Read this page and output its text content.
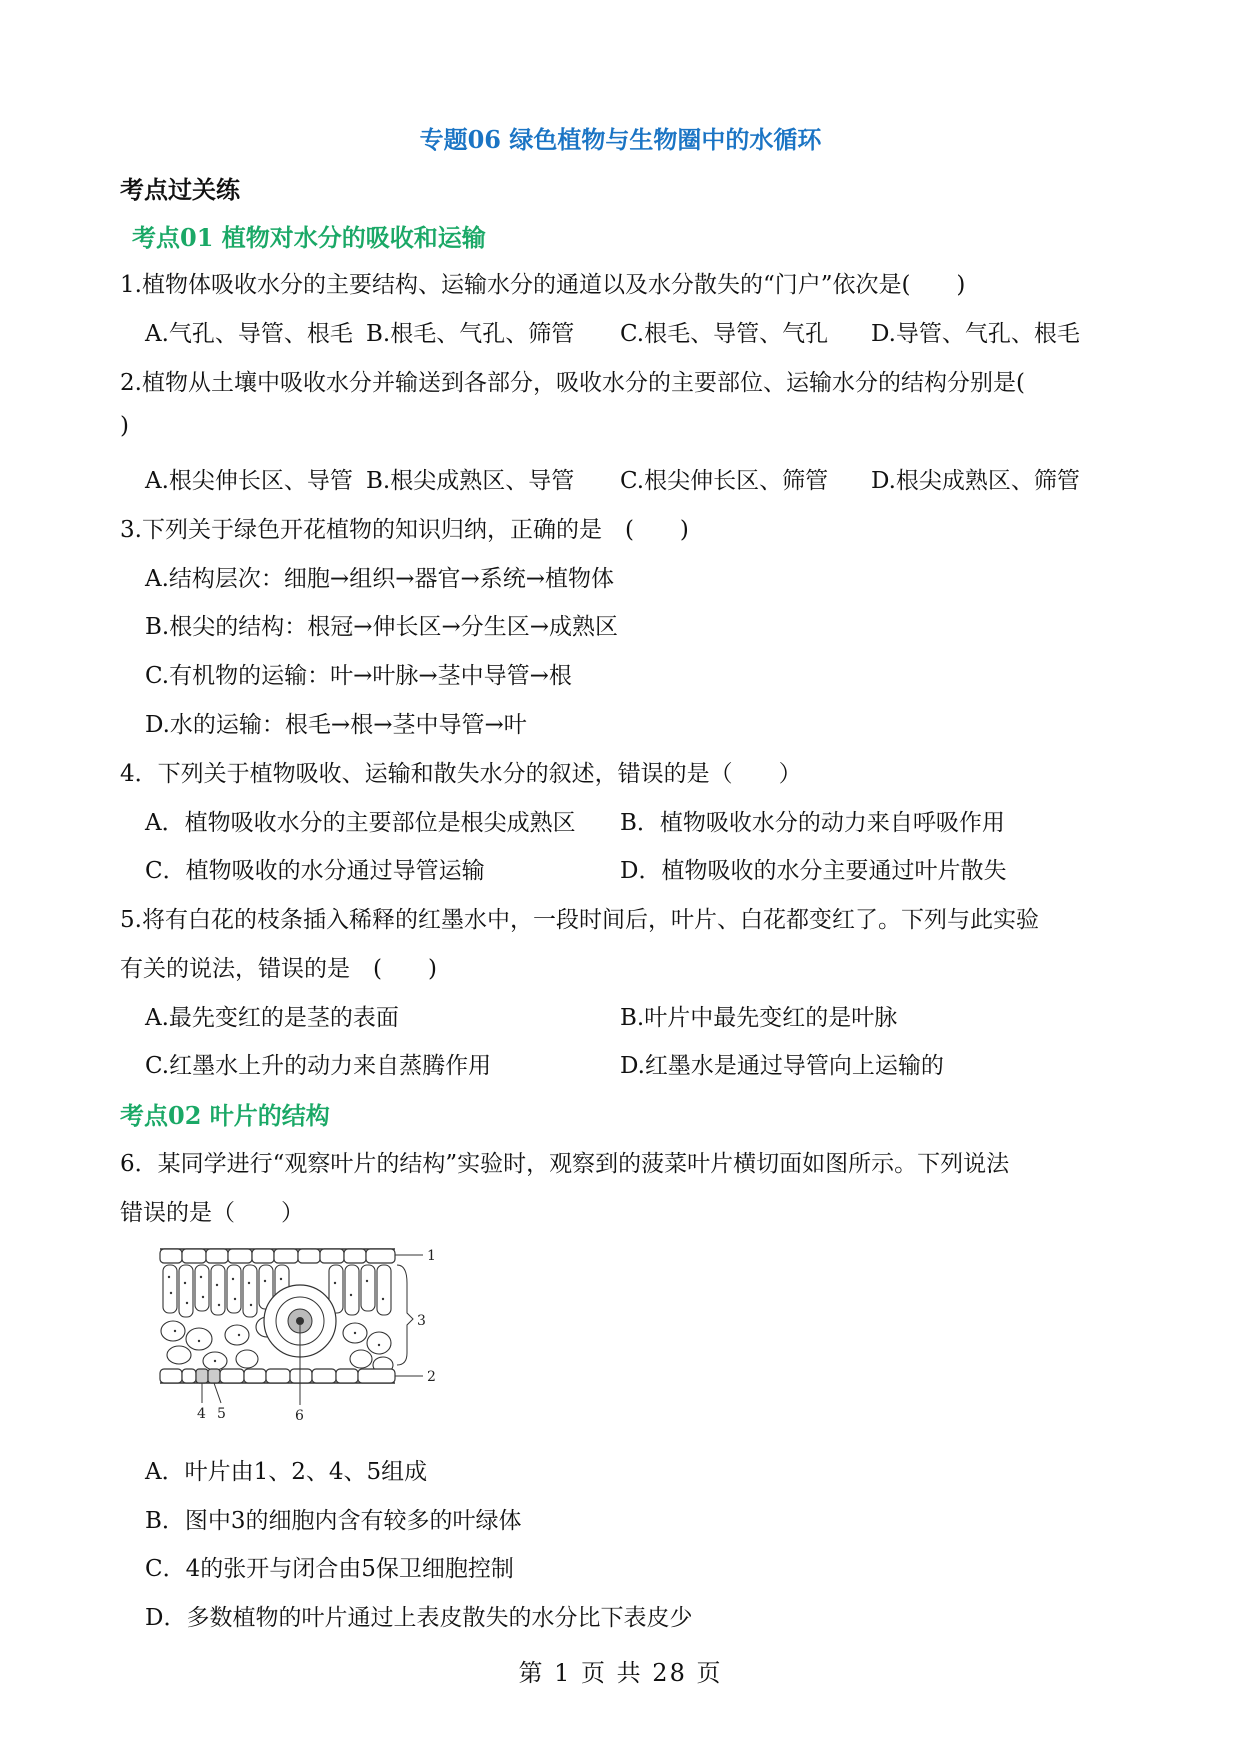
专题06 绿色植物与生物圈中的水循环
考点过关练
考点01 植物对水分的吸收和运输
1.植物体吸收水分的主要结构、运输水分的通道以及水分散失的“门户”依次是(　　)
A.气孔、导管、根毛 B.根毛、气孔、筛管 C.根毛、导管、气孔 D.导管、气孔、根毛
2.植物从土壤中吸收水分并输送到各部分，吸收水分的主要部位、运输水分的结构分别是(
)
A.根尖伸长区、导管 B.根尖成熟区、导管 C.根尖伸长区、筛管 D.根尖成熟区、筛管
3.下列关于绿色开花植物的知识归纳，正确的是　(　　)
A.结构层次：细胞→组织→器官→系统→植物体
B.根尖的结构：根冠→伸长区→分生区→成熟区
C.有机物的运输：叶→叶脉→茎中导管→根
D.水的运输：根毛→根→茎中导管→叶
4．下列关于植物吸收、运输和散失水分的叙述，错误的是（　　）
A．植物吸收水分的主要部位是根尖成熟区 B．植物吸收水分的动力来自呼吸作用
C．植物吸收的水分通过导管运输	D．植物吸收的水分主要通过叶片散失
5.将有白花的枝条插入稀释的红墨水中，一段时间后，叶片、白花都变红了。下列与此实验
有关的说法，错误的是　(　　)
A.最先变红的是茎的表面	B.叶片中最先变红的是叶脉
C.红墨水上升的动力来自蒸腾作用	D.红墨水是通过导管向上运输的
考点02 叶片的结构
6．某同学进行“观察叶片的结构”实验时，观察到的菠菜叶片横切面如图所示。下列说法
错误的是（　　）
1
2
3
4 5	6
A．叶片由1、2、4、5组成
B．图中3的细胞内含有较多的叶绿体
C．4的张开与闭合由5保卫细胞控制
D．多数植物的叶片通过上表皮散失的水分比下表皮少
第 1 页 共 28 页
